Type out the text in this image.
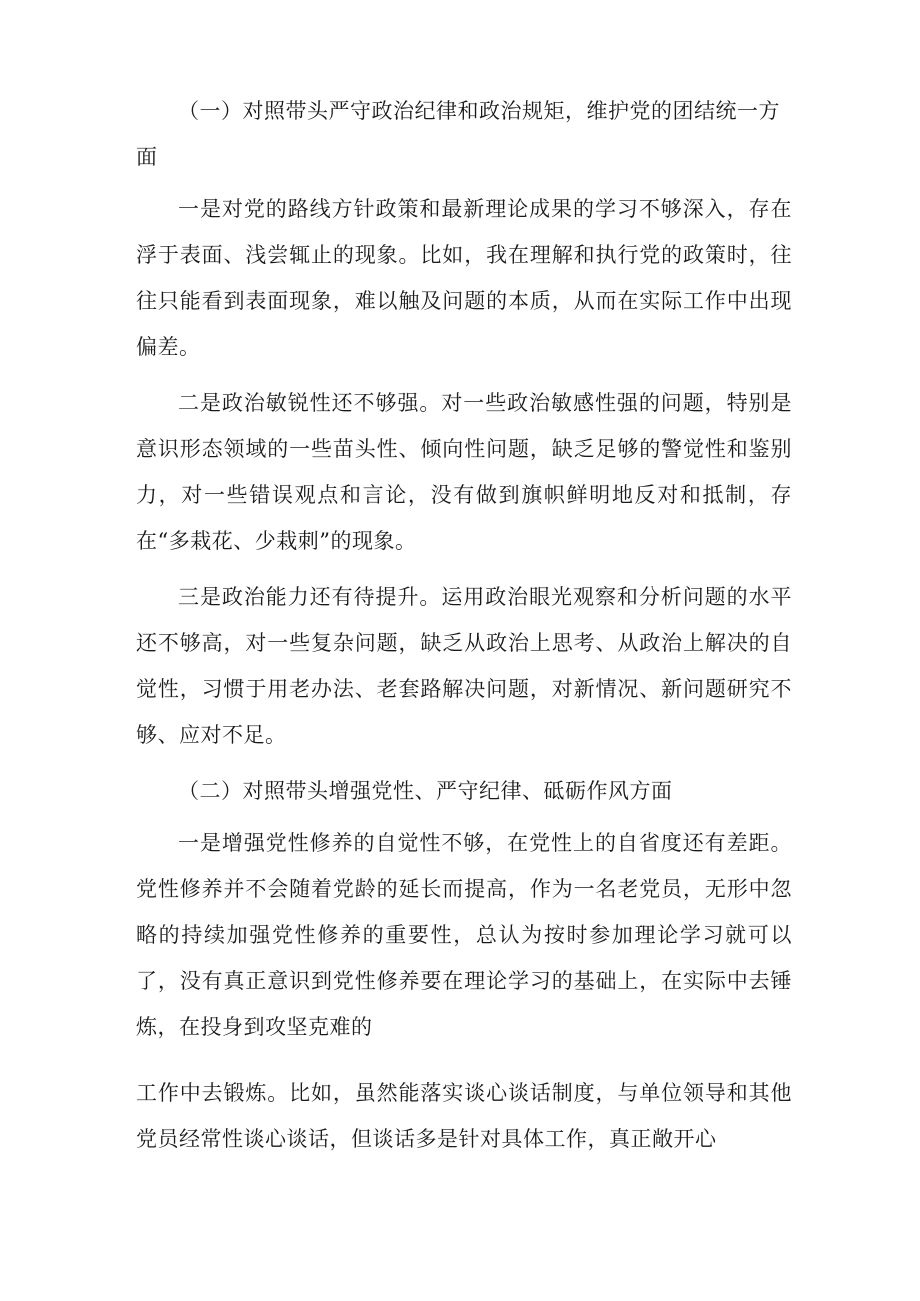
（一）对照带头严守政治纪律和政治规矩，维护党的团结统一方面

一是对党的路线方针政策和最新理论成果的学习不够深入，存在浮于表面、浅尝辄止的现象。比如，我在理解和执行党的政策时，往往只能看到表面现象，难以触及问题的本质，从而在实际工作中出现偏差。

二是政治敏锐性还不够强。对一些政治敏感性强的问题，特别是意识形态领域的一些苗头性、倾向性问题，缺乏足够的警觉性和鉴别力，对一些错误观点和言论，没有做到旗帜鲜明地反对和抵制，存在“多栽花、少栽刺”的现象。

三是政治能力还有待提升。运用政治眼光观察和分析问题的水平还不够高，对一些复杂问题，缺乏从政治上思考、从政治上解决的自觉性，习惯于用老办法、老套路解决问题，对新情况、新问题研究不够、应对不足。

（二）对照带头增强党性、严守纪律、砥砺作风方面

一是增强党性修养的自觉性不够，在党性上的自省度还有差距。党性修养并不会随着党龄的延长而提高，作为一名老党员，无形中忽略的持续加强党性修养的重要性，总认为按时参加理论学习就可以了，没有真正意识到党性修养要在理论学习的基础上，在实际中去锤炼，在投身到攻坚克难的

工作中去锻炼。比如，虽然能落实谈心谈话制度，与单位领导和其他党员经常性谈心谈话，但谈话多是针对具体工作，真正敞开心
